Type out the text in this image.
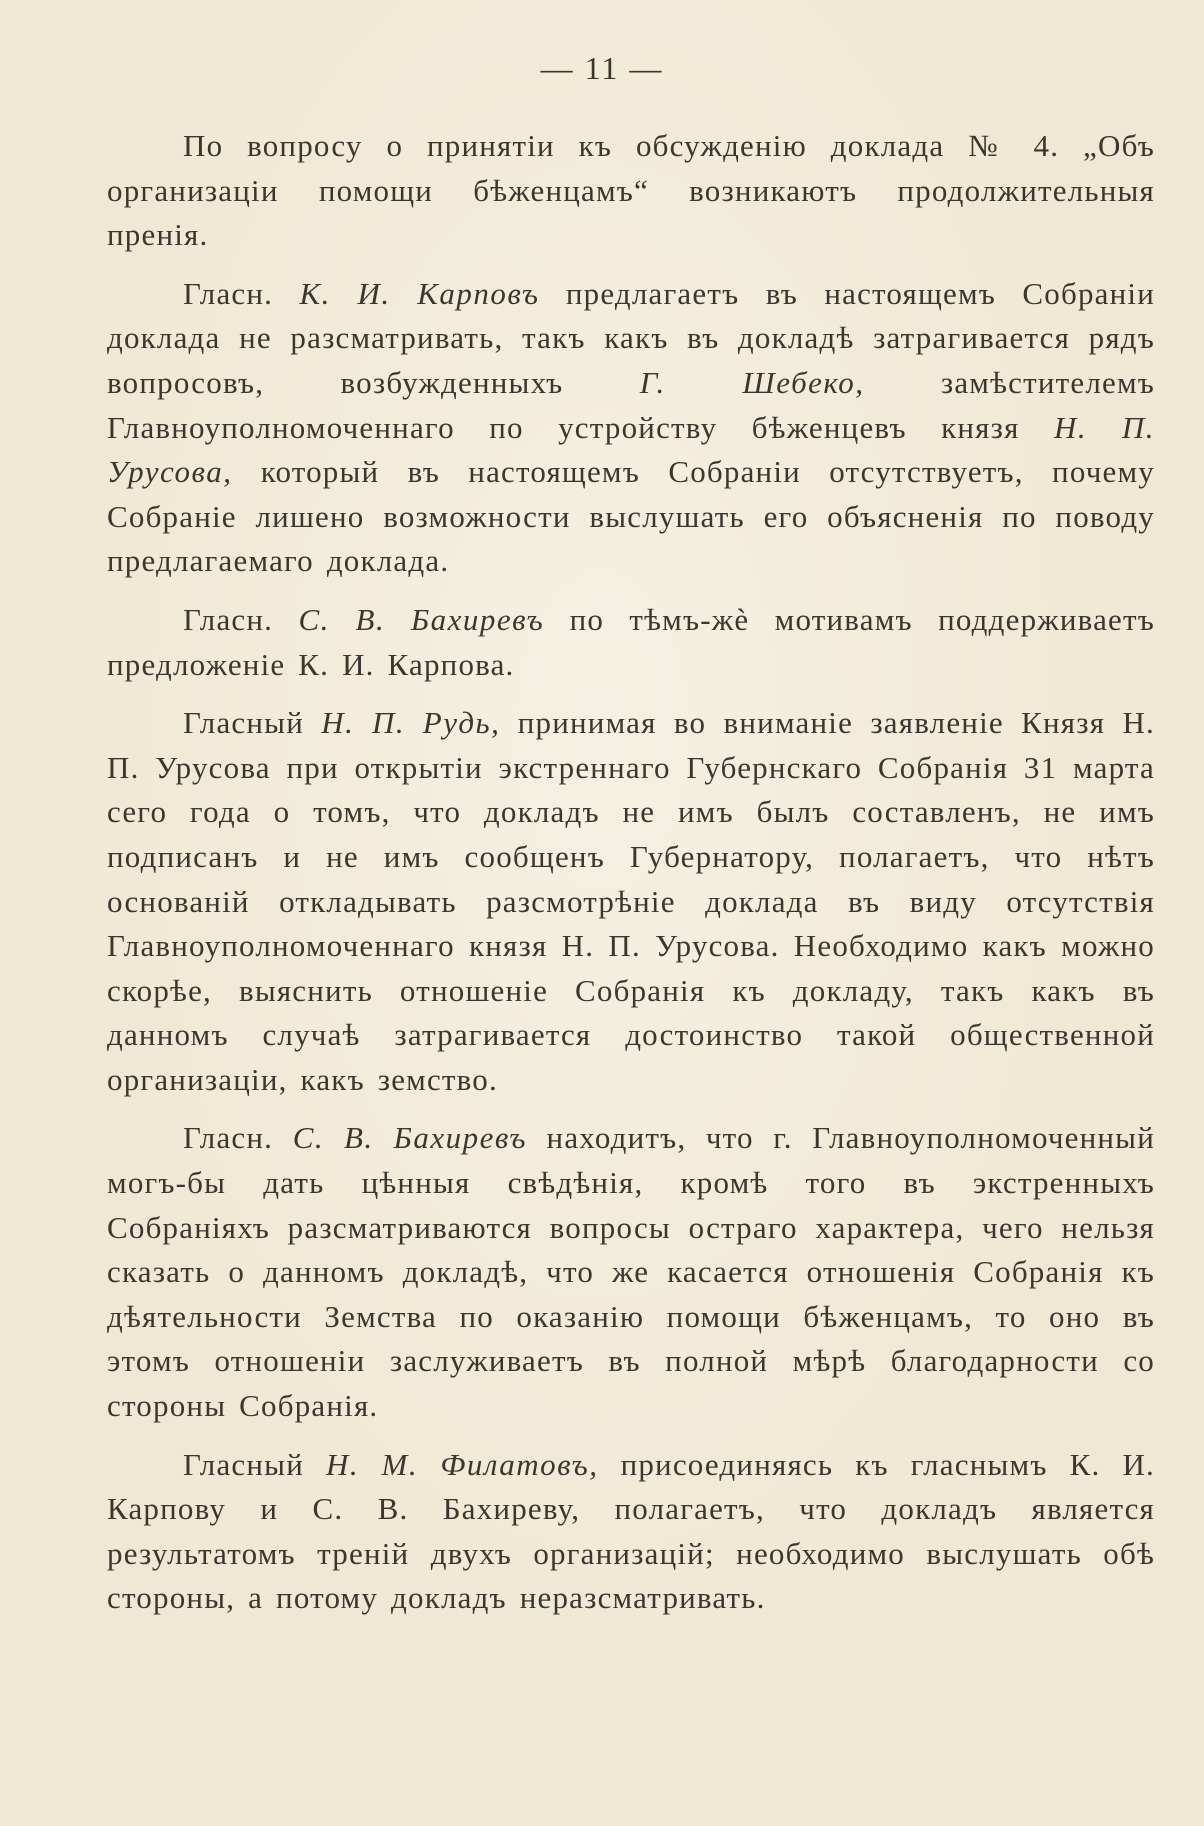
— 11 —

По вопросу о принятіи къ обсужденію доклада № 4. „Объ организаціи помощи бѣженцамъ“ возникаютъ продолжительныя пренія.

Гласн. К. И. Карповъ предлагаетъ въ настоящемъ Собраніи доклада не разсматривать, такъ какъ въ докладѣ затрагивается рядъ вопросовъ, возбужденныхъ Г. Шебеко, замѣстителемъ Главноуполномоченнаго по устройству бѣженцевъ князя Н. П. Урусова, который въ настоящемъ Собраніи отсутствуетъ, почему Собраніе лишено возможности выслушать его объясненія по поводу предлагаемаго доклада.

Гласн. С. В. Бахиревъ по тѣмъ-жѐ мотивамъ поддерживаетъ предложеніе К. И. Карпова.

Гласный Н. П. Рудь, принимая во вниманіе заявленіе Князя Н. П. Урусова при открытіи экстреннаго Губернскаго Собранія 31 марта сего года о томъ, что докладъ не имъ былъ составленъ, не имъ подписанъ и не имъ сообщенъ Губернатору, полагаетъ, что нѣтъ основаній откладывать разсмотрѣніе доклада въ виду отсутствія Главноуполномоченнаго князя Н. П. Урусова. Необходимо какъ можно скорѣе, выяснить отношеніе Собранія къ докладу, такъ какъ въ данномъ случаѣ затрагивается достоинство такой общественной организаціи, какъ земство.

Гласн. С. В. Бахиревъ находитъ, что г. Главноуполномоченный могъ-бы дать цѣнныя свѣдѣнія, кромѣ того въ экстренныхъ Собраніяхъ разсматриваются вопросы остраго характера, чего нельзя сказать о данномъ докладѣ, что же касается отношенія Собранія къ дѣятельности Земства по оказанію помощи бѣженцамъ, то оно въ этомъ отношеніи заслуживаетъ въ полной мѣрѣ благодарности со стороны Собранія.

Гласный Н. М. Филатовъ, присоединяясь къ гласнымъ К. И. Карпову и С. В. Бахиреву, полагаетъ, что докладъ является результатомъ треній двухъ организацій; необходимо выслушать обѣ стороны, а потому докладъ неразсматривать.
